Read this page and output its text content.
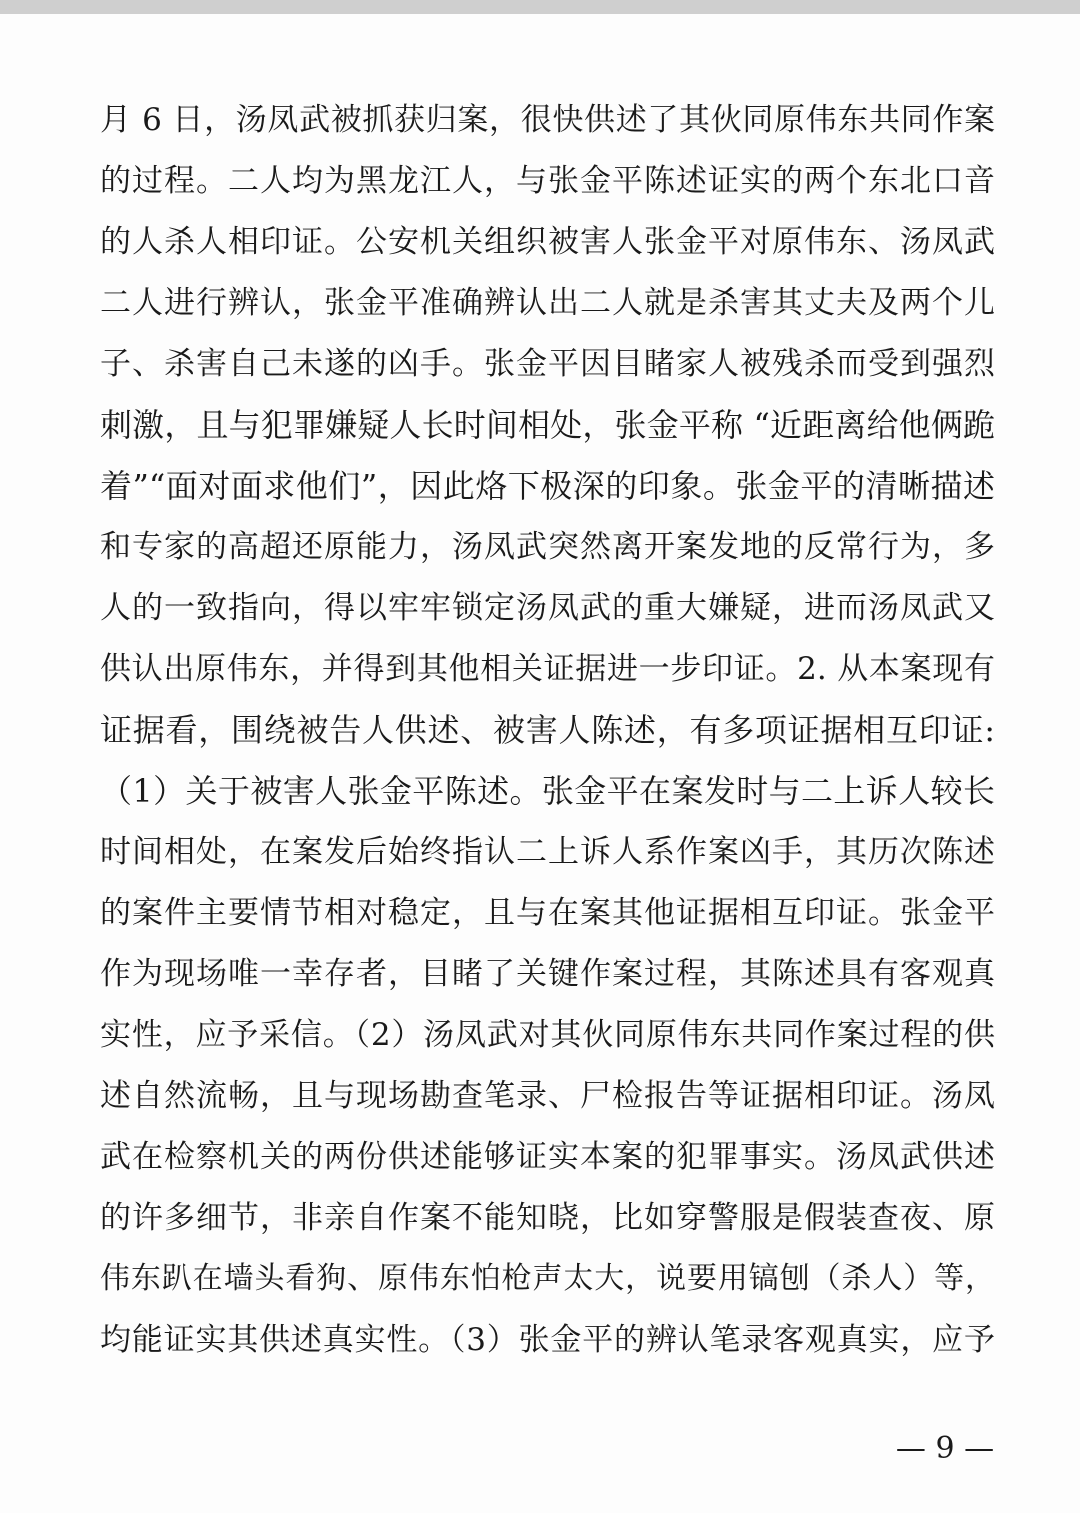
月 6 日，汤凤武被抓获归案，很快供述了其伙同原伟东共同作案
的过程。二人均为黑龙江人，与张金平陈述证实的两个东北口音
的人杀人相印证。公安机关组织被害人张金平对原伟东、汤凤武
二人进行辨认，张金平准确辨认出二人就是杀害其丈夫及两个儿
子、杀害自己未遂的凶手。张金平因目睹家人被残杀而受到强烈
刺激，且与犯罪嫌疑人长时间相处，张金平称 “近距离给他俩跪
着”“面对面求他们”，因此烙下极深的印象。张金平的清晰描述
和专家的高超还原能力，汤凤武突然离开案发地的反常行为，多
人的一致指向，得以牢牢锁定汤凤武的重大嫌疑，进而汤凤武又
供认出原伟东，并得到其他相关证据进一步印证。2. 从本案现有
证据看，围绕被告人供述、被害人陈述，有多项证据相互印证:
（1）关于被害人张金平陈述。张金平在案发时与二上诉人较长
时间相处，在案发后始终指认二上诉人系作案凶手，其历次陈述
的案件主要情节相对稳定，且与在案其他证据相互印证。张金平
作为现场唯一幸存者，目睹了关键作案过程，其陈述具有客观真
实性，应予采信。（2）汤凤武对其伙同原伟东共同作案过程的供
述自然流畅，且与现场勘查笔录、尸检报告等证据相印证。汤凤
武在检察机关的两份供述能够证实本案的犯罪事实。汤凤武供述
的许多细节，非亲自作案不能知晓，比如穿警服是假装查夜、原
伟东趴在墙头看狗、原伟东怕枪声太大，说要用镐刨（杀人）等，
均能证实其供述真实性。（3）张金平的辨认笔录客观真实，应予
— 9 —
